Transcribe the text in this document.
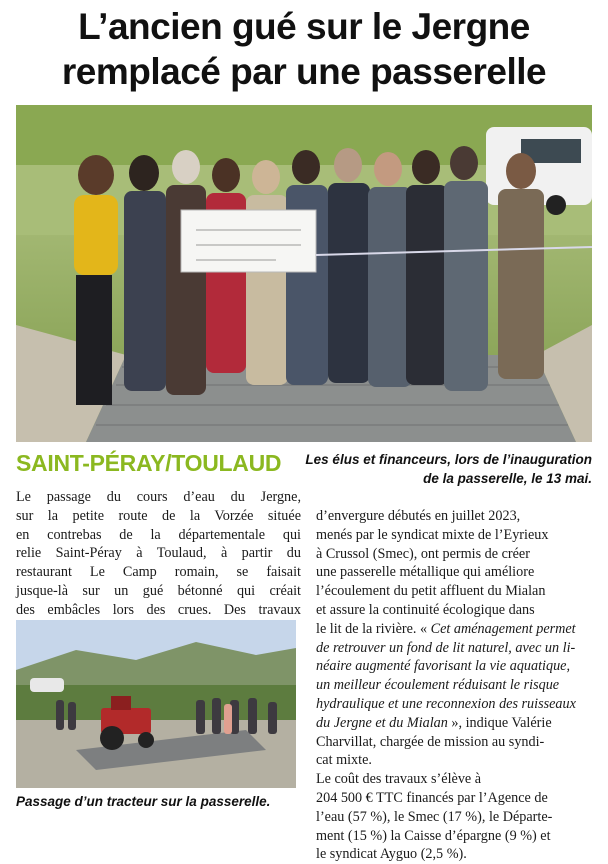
L’ancien gué sur le Jergne
remplacé par une passerelle
SAINT-PÉRAY/TOULAUD	Les élus et financeurs, lors de l’inauguration
de la passerelle, le 13 mai.
Le passage du cours d’eau du Jergne,
sur la petite route de la Vorzée située
en contrebas de la départementale qui
relie Saint-Péray à Toulaud, à partir du
restaurant Le Camp romain, se faisait
jusque-là sur un gué bétonné qui créait
des embâcles lors des crues. Des travaux
Passage d’un tracteur sur la passerelle.
d’envergure débutés en juillet 2023,
menés par le syndicat mixte de l’Eyrieux
à Crussol (Smec), ont permis de créer
une passerelle métallique qui améliore
l’écoulement du petit affluent du Mialan
et assure la continuité écologique dans
le lit de la rivière. « Cet aménagement permet
de retrouver un fond de lit naturel, avec un li-
néaire augmenté favorisant la vie aquatique,
un meilleur écoulement réduisant le risque
hydraulique et une reconnexion des ruisseaux
du Jergne et du Mialan », indique Valérie
Charvillat, chargée de mission au syndi-
cat mixte.
Le coût des travaux s’élève à
204 500 € TTC financés par l’Agence de
l’eau (57 %), le Smec (17 %), le Départe-
ment (15 %) la Caisse d’épargne (9 %) et
le syndicat Ayguo (2,5 %).
